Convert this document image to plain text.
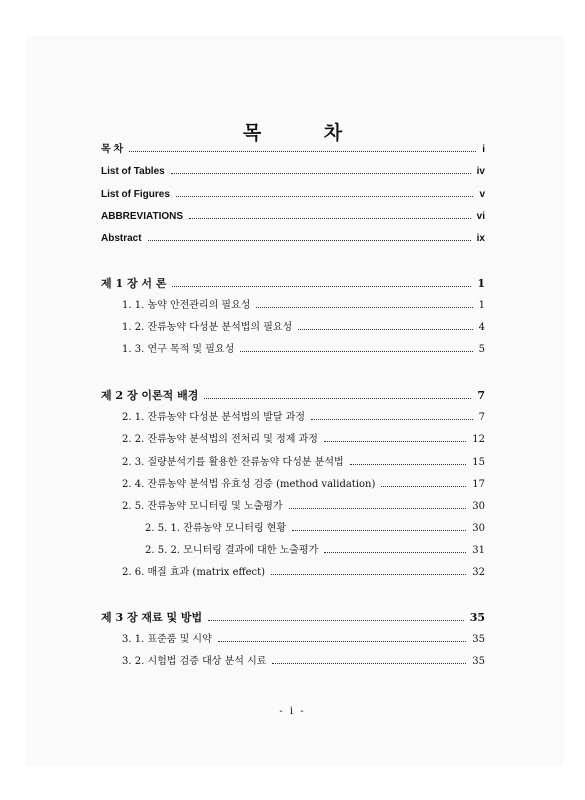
목 차
목 차	i
List of Tables	iv
List of Figures	v
ABBREVIATIONS	vi
Abstract	ix
제 1 장 서 론	1
1. 1. 농약 안전관리의 필요성	1
1. 2. 잔류농약 다성분 분석법의 필요성	4
1. 3. 연구 목적 및 필요성	5
제 2 장 이론적 배경	7
2. 1. 잔류농약 다성분 분석법의 발달 과정	7
2. 2. 잔류농약 분석법의 전처리 및 정제 과정	12
2. 3. 질량분석기를 활용한 잔류농약 다성분 분석법	15
2. 4. 잔류농약 분석법 유효성 검증 (method validation)	17
2. 5. 잔류농약 모니터링 및 노출평가	30
2. 5. 1. 잔류농약 모니터링 현황	30
2. 5. 2. 모니터링 결과에 대한 노출평가	31
2. 6. 매질 효과 (matrix effect)	32
제 3 장 재료 및 방법	35
3. 1. 표준품 및 시약	35
3. 2. 시험법 검증 대상 분석 시료	35
- i -
